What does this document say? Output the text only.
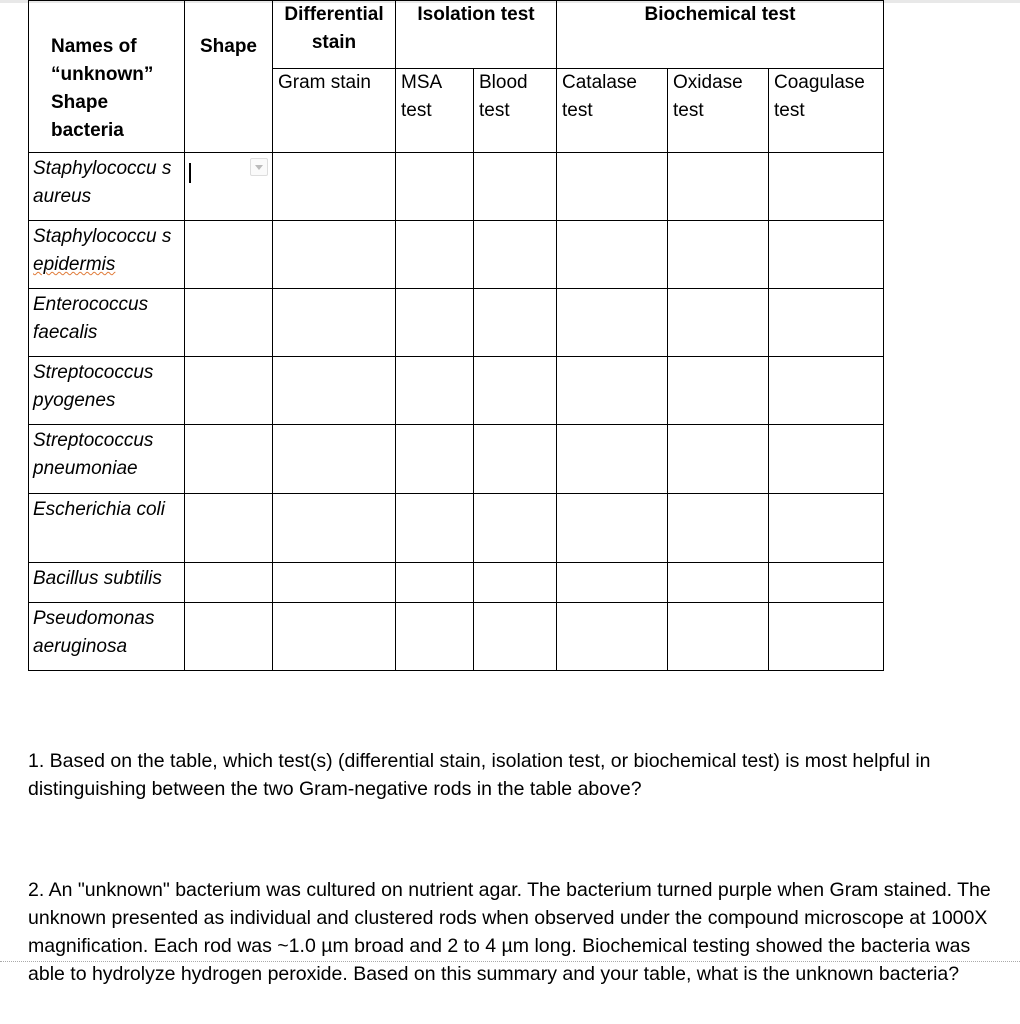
Names of “unknown” Shape bacteria	Shape	Differential stain	Isolation test		Biochemical test		
		Gram stain	MSA test	Blood test	Catalase test	Oxidase test	Coagulase test
Staphylococcu s aureus	

Staphylococcu s epidermis							
Enterococcus faecalis							
Streptococcus pyogenes							
Streptococcus pneumoniae							
Escherichia coli							
Bacillus subtilis							
Pseudomonas aeruginosa							
1. Based on the table, which test(s) (differential stain, isolation test, or biochemical test) is most helpful in distinguishing between the two Gram-negative rods in the table above?
2. An "unknown" bacterium was cultured on nutrient agar. The bacterium turned purple when Gram stained. The unknown presented as individual and clustered rods when observed under the compound microscope at 1000X magnification. Each rod was ~1.0 µm broad and 2 to 4 µm long. Biochemical testing showed the bacteria was able to hydrolyze hydrogen peroxide. Based on this summary and your table, what is the unknown bacteria?
